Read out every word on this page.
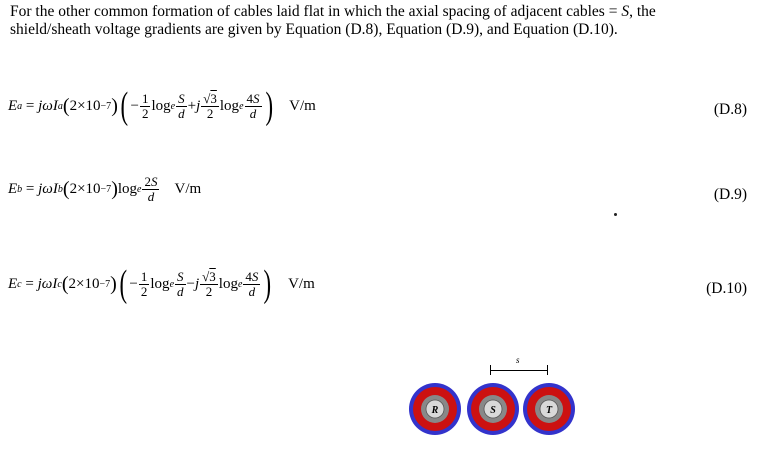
For the other common formation of cables laid flat in which the axial spacing of adjacent cables = S, the
shield/sheath voltage gradients are given by Equation (D.8), Equation (D.9), and Equation (D.10).
E a = jωI a ( 2×10 −7 ) ( − $\frac{1}{2}$ log e $\frac{S}{d} + j \frac{√3}{2}$ log e $\frac{4S}{d}$ ) V/m	(D.8)
E b = jωI b ( 2×10 −7 ) log e $\frac{2S}{d} V/m$	(D.9)
E c = jωI c ( 2×10 −7 ) ( − $\frac{1}{2}$ log e $\frac{S}{d} - j \frac{√3}{2}$ log e $\frac{4S}{d}$ ) V/m	(D.10)
s
R	S	T
